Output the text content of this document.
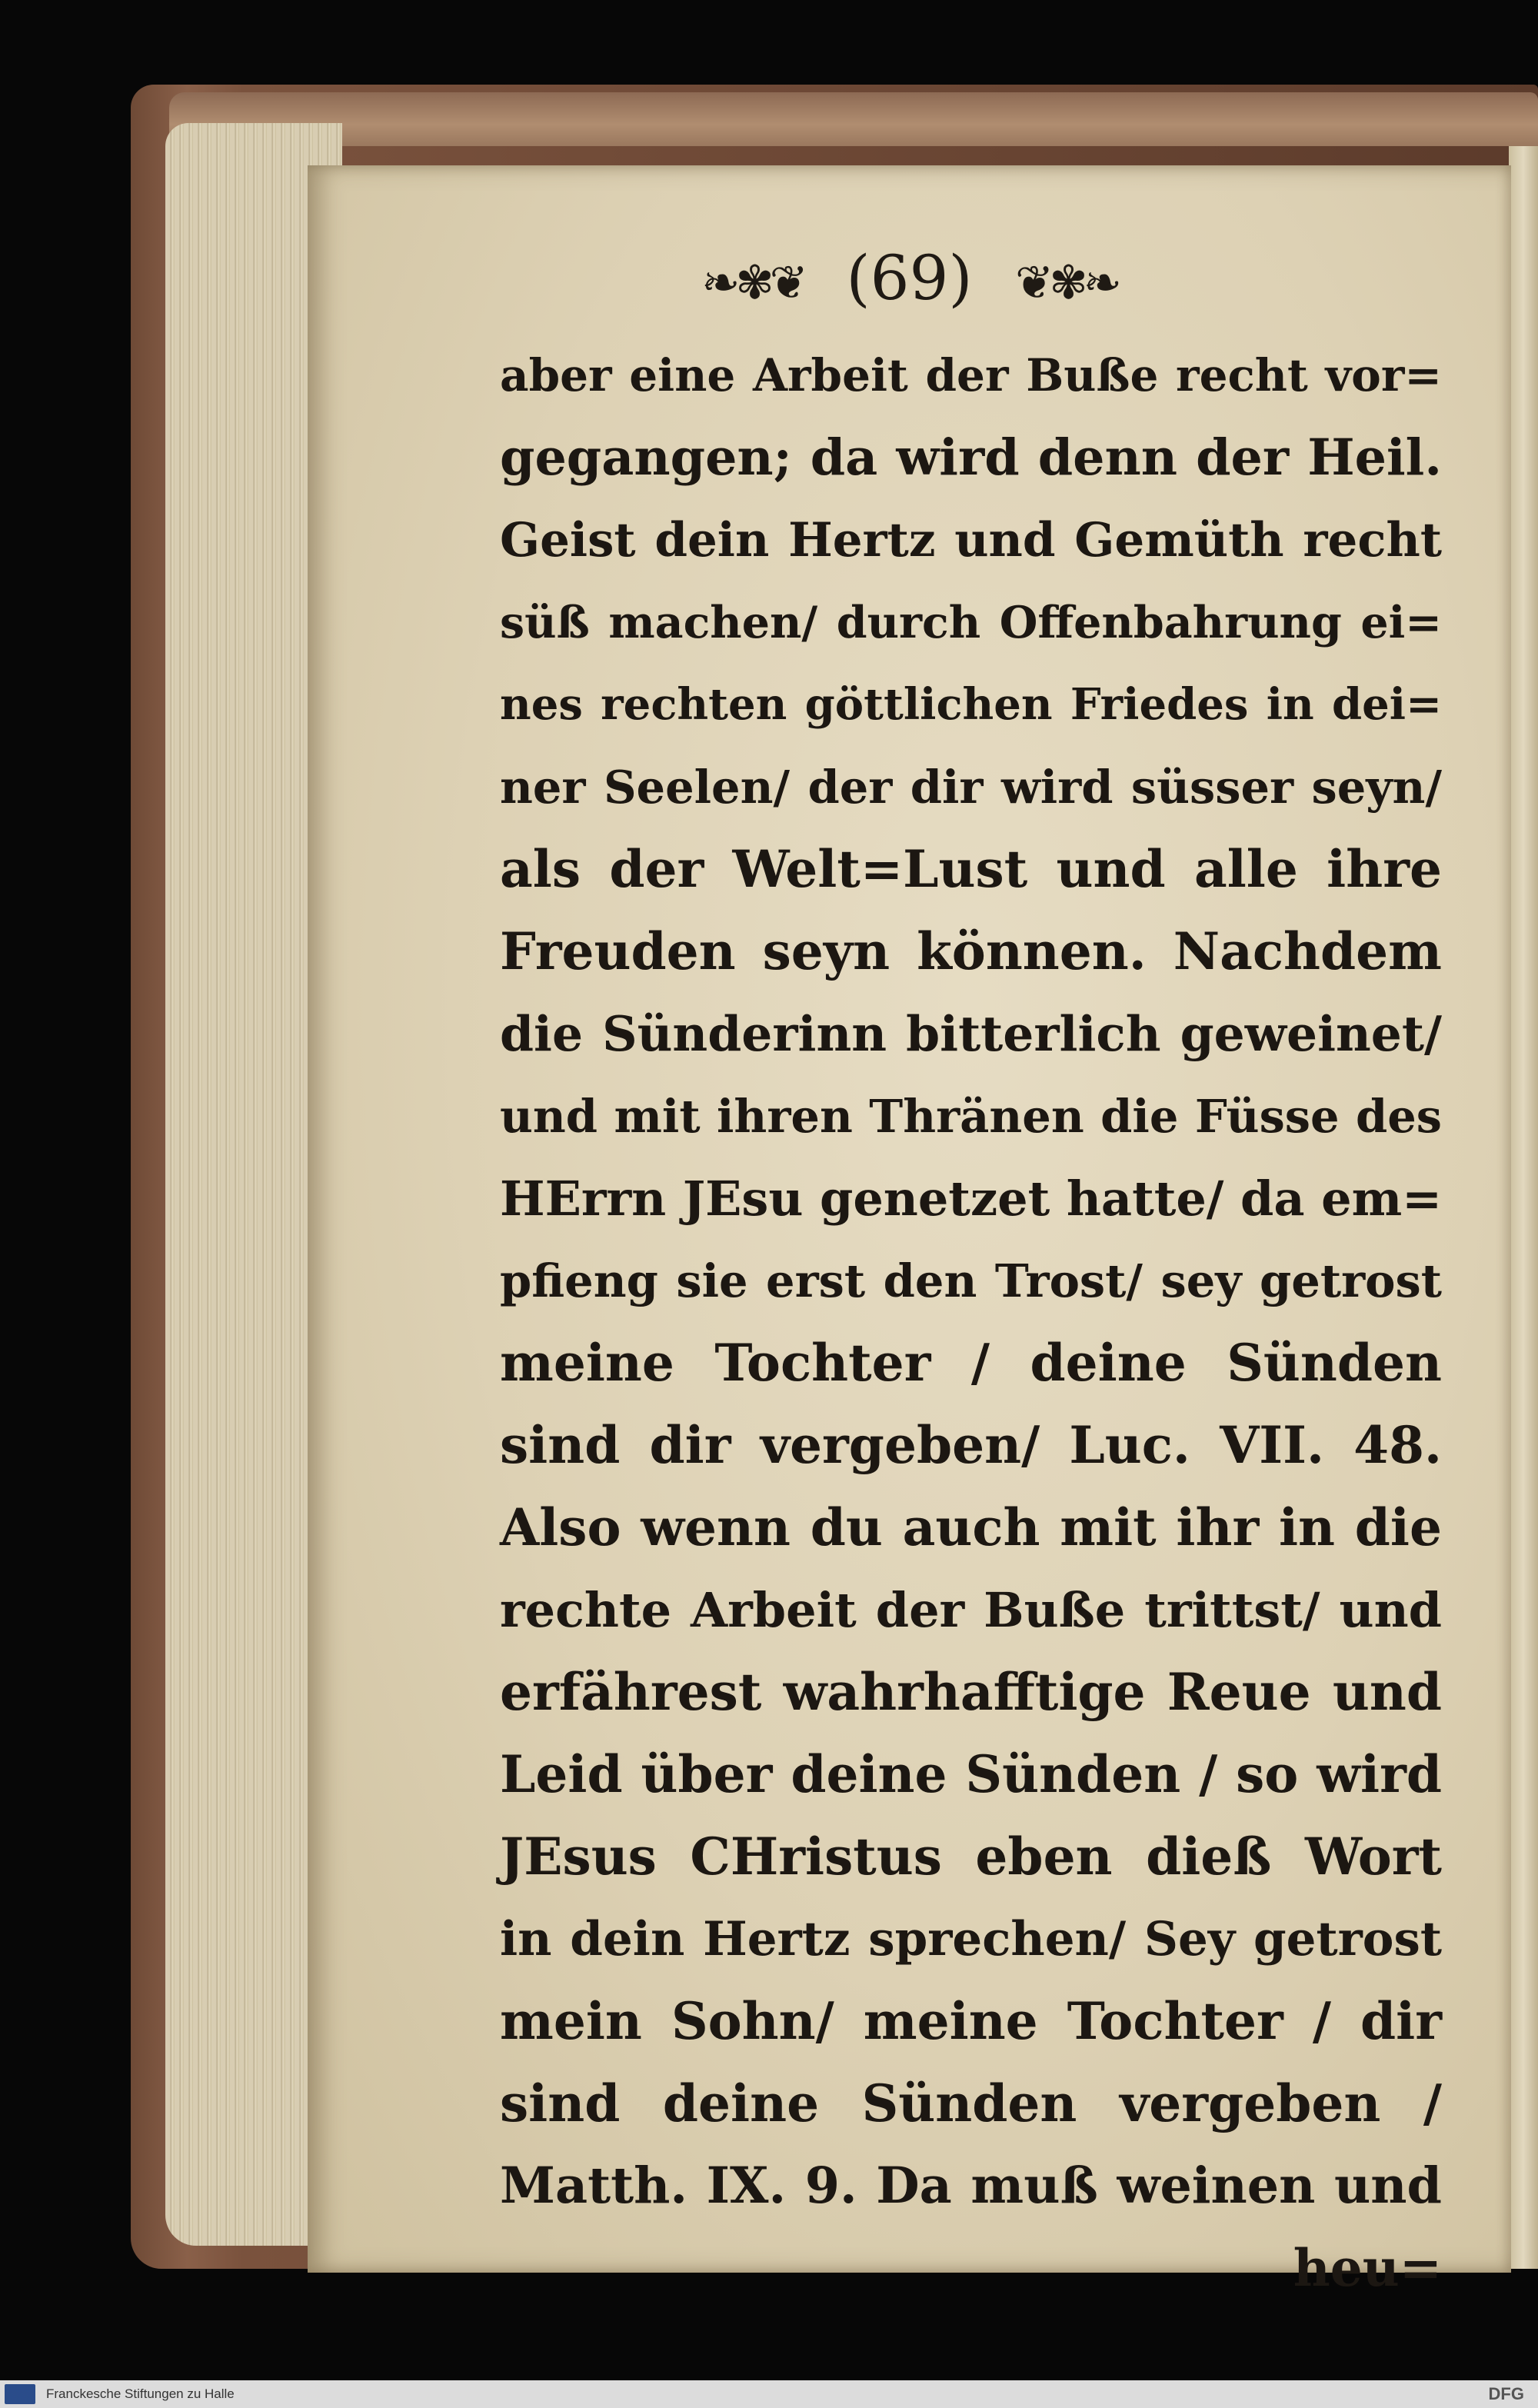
❧✾❦ (69) ❦✾❧
aber eine Arbeit der Buße recht vor=
gegangen; da wird denn der Heil.
Geist dein Hertz und Gemüth recht
süß machen/ durch Offenbahrung ei=
nes rechten göttlichen Friedes in dei=
ner Seelen/ der dir wird süsser seyn/
als der Welt=Lust und alle ihre
Freuden seyn können. Nachdem
die Sünderinn bitterlich geweinet/
und mit ihren Thränen die Füsse des
HErrn JEsu genetzet hatte/ da em=
pfieng sie erst den Trost/ sey getrost
meine Tochter / deine Sünden
sind dir vergeben/ Luc. VII. 48.
Also wenn du auch mit ihr in die
rechte Arbeit der Buße trittst/ und
erfährest wahrhafftige Reue und
Leid über deine Sünden / so wird
JEsus CHristus eben dieß Wort
in dein Hertz sprechen/ Sey getrost
mein Sohn/ meine Tochter / dir
sind deine Sünden vergeben /
Matth. IX. 9. Da muß weinen und
heu=
Franckesche Stiftungen zu Halle	DFG
